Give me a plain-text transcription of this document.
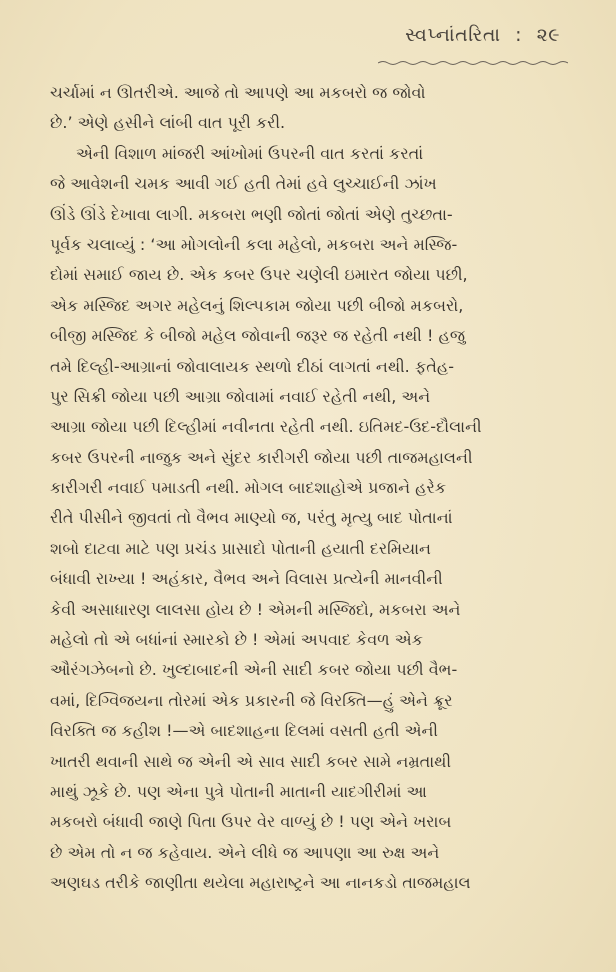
સ્વપ્નાંતરિતા : ૨૯
ચર્ચામાં ન ઊતરીએ. આજે તો આપણે આ મકબરો જ જોવો
છે.’ એણે હસીને લાંબી વાત પૂરી કરી.
એની વિશાળ માંજરી આંખોમાં ઉપરની વાત કરતાં કરતાં
જે આવેશની ચમક આવી ગઈ હતી તેમાં હવે લુચ્ચાઈની ઝાંખ
ઊંડે ઊંડે દેખાવા લાગી. મકબરા ભણી જોતાં જોતાં એણે તુચ્છતા-
પૂર્વક ચલાવ્યું : ‘આ મોગલોની કલા મહેલો, મકબરા અને મસ્જિ-
દોમાં સમાઈ જાય છે. એક કબર ઉપર ચણેલી ઇમારત જોયા પછી,
એક મસ્જિદ અગર મહેલનું શિલ્પકામ જોયા પછી બીજો મકબરો,
બીજી મસ્જિદ કે બીજો મહેલ જોવાની જરૂર જ રહેતી નથી ! હજુ
તમે દિલ્હી-આગ્રાનાં જોવાલાયક સ્થળો દીઠાં લાગતાં નથી. ફતેહ-
પુર સિક્રી જોયા પછી આગ્રા જોવામાં નવાઈ રહેતી નથી, અને
આગ્રા જોયા પછી દિલ્હીમાં નવીનતા રહેતી નથી. ઇતિમદ-ઉદ-દૌલાની
કબર ઉપરની નાજુક અને સુંદર કારીગરી જોયા પછી તાજમહાલની
કારીગરી નવાઈ પમાડતી નથી. મોગલ બાદશાહોએ પ્રજાને હરેક
રીતે પીસીને જીવતાં તો વૈભવ માણ્યો જ, પરંતુ મૃત્યુ બાદ પોતાનાં
શબો દાટવા માટે પણ પ્રચંડ પ્રાસાદો પોતાની હયાતી દરમિયાન
બંધાવી રાખ્યા ! અહંકાર, વૈભવ અને વિલાસ પ્રત્યેની માનવીની
કેવી અસાધારણ લાલસા હોય છે ! એમની મસ્જિદો, મકબરા અને
મહેલો તો એ બધાંનાં સ્મારકો છે ! એમાં અપવાદ કેવળ એક
ઔરંગઝેબનો છે. ખુલ્દાબાદની એની સાદી કબર જોયા પછી વૈભ-
વમાં, દિગ્વિજયના તોરમાં એક પ્રકારની જે વિરક્તિ—હું એને ક્રૂર
વિરક્તિ જ કહીશ !—એ બાદશાહના દિલમાં વસતી હતી એની
ખાતરી થવાની સાથે જ એની એ સાવ સાદી કબર સામે નમ્રતાથી
માથું ઝૂકે છે. પણ એના પુત્રે પોતાની માતાની યાદગીરીમાં આ
મકબરો બંધાવી જાણે પિતા ઉપર વેર વાળ્યું છે ! પણ એને ખરાબ
છે એમ તો ન જ કહેવાય. એને લીધે જ આપણા આ રુક્ષ અને
અણઘડ તરીકે જાણીતા થયેલા મહારાષ્ટ્રને આ નાનકડો તાજમહાલ
